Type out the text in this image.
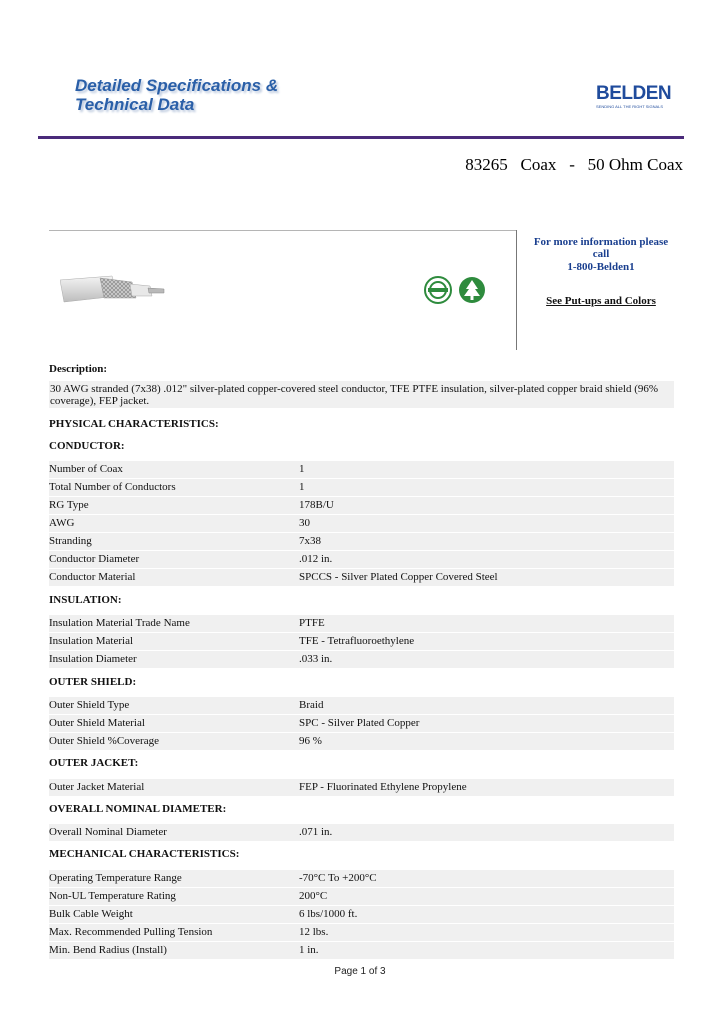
Detailed Specifications &
Technical Data
BELDEN
SENDING ALL THE RIGHT SIGNALS
83265 Coax - 50 Ohm Coax
For more information please
call
1-800-Belden1
See Put-ups and Colors
Description:
30 AWG stranded (7x38) .012" silver-plated copper-covered steel conductor, TFE PTFE insulation, silver-plated copper braid shield (96% coverage), FEP jacket.
PHYSICAL CHARACTERISTICS:
CONDUCTOR:
Number of Coax	1
Total Number of Conductors	1
RG Type	178B/U
AWG	30
Stranding	7x38
Conductor Diameter	.012 in.
Conductor Material	SPCCS - Silver Plated Copper Covered Steel
INSULATION:
Insulation Material Trade Name	PTFE
Insulation Material	TFE - Tetrafluoroethylene
Insulation Diameter	.033 in.
OUTER SHIELD:
Outer Shield Type	Braid
Outer Shield Material	SPC - Silver Plated Copper
Outer Shield %Coverage	96 %
OUTER JACKET:
Outer Jacket Material	FEP - Fluorinated Ethylene Propylene
OVERALL NOMINAL DIAMETER:
Overall Nominal Diameter	.071 in.
MECHANICAL CHARACTERISTICS:
Operating Temperature Range	-70°C To +200°C
Non-UL Temperature Rating	200°C
Bulk Cable Weight	6 lbs/1000 ft.
Max. Recommended Pulling Tension	12 lbs.
Min. Bend Radius (Install)	1 in.
Page 1 of 3
